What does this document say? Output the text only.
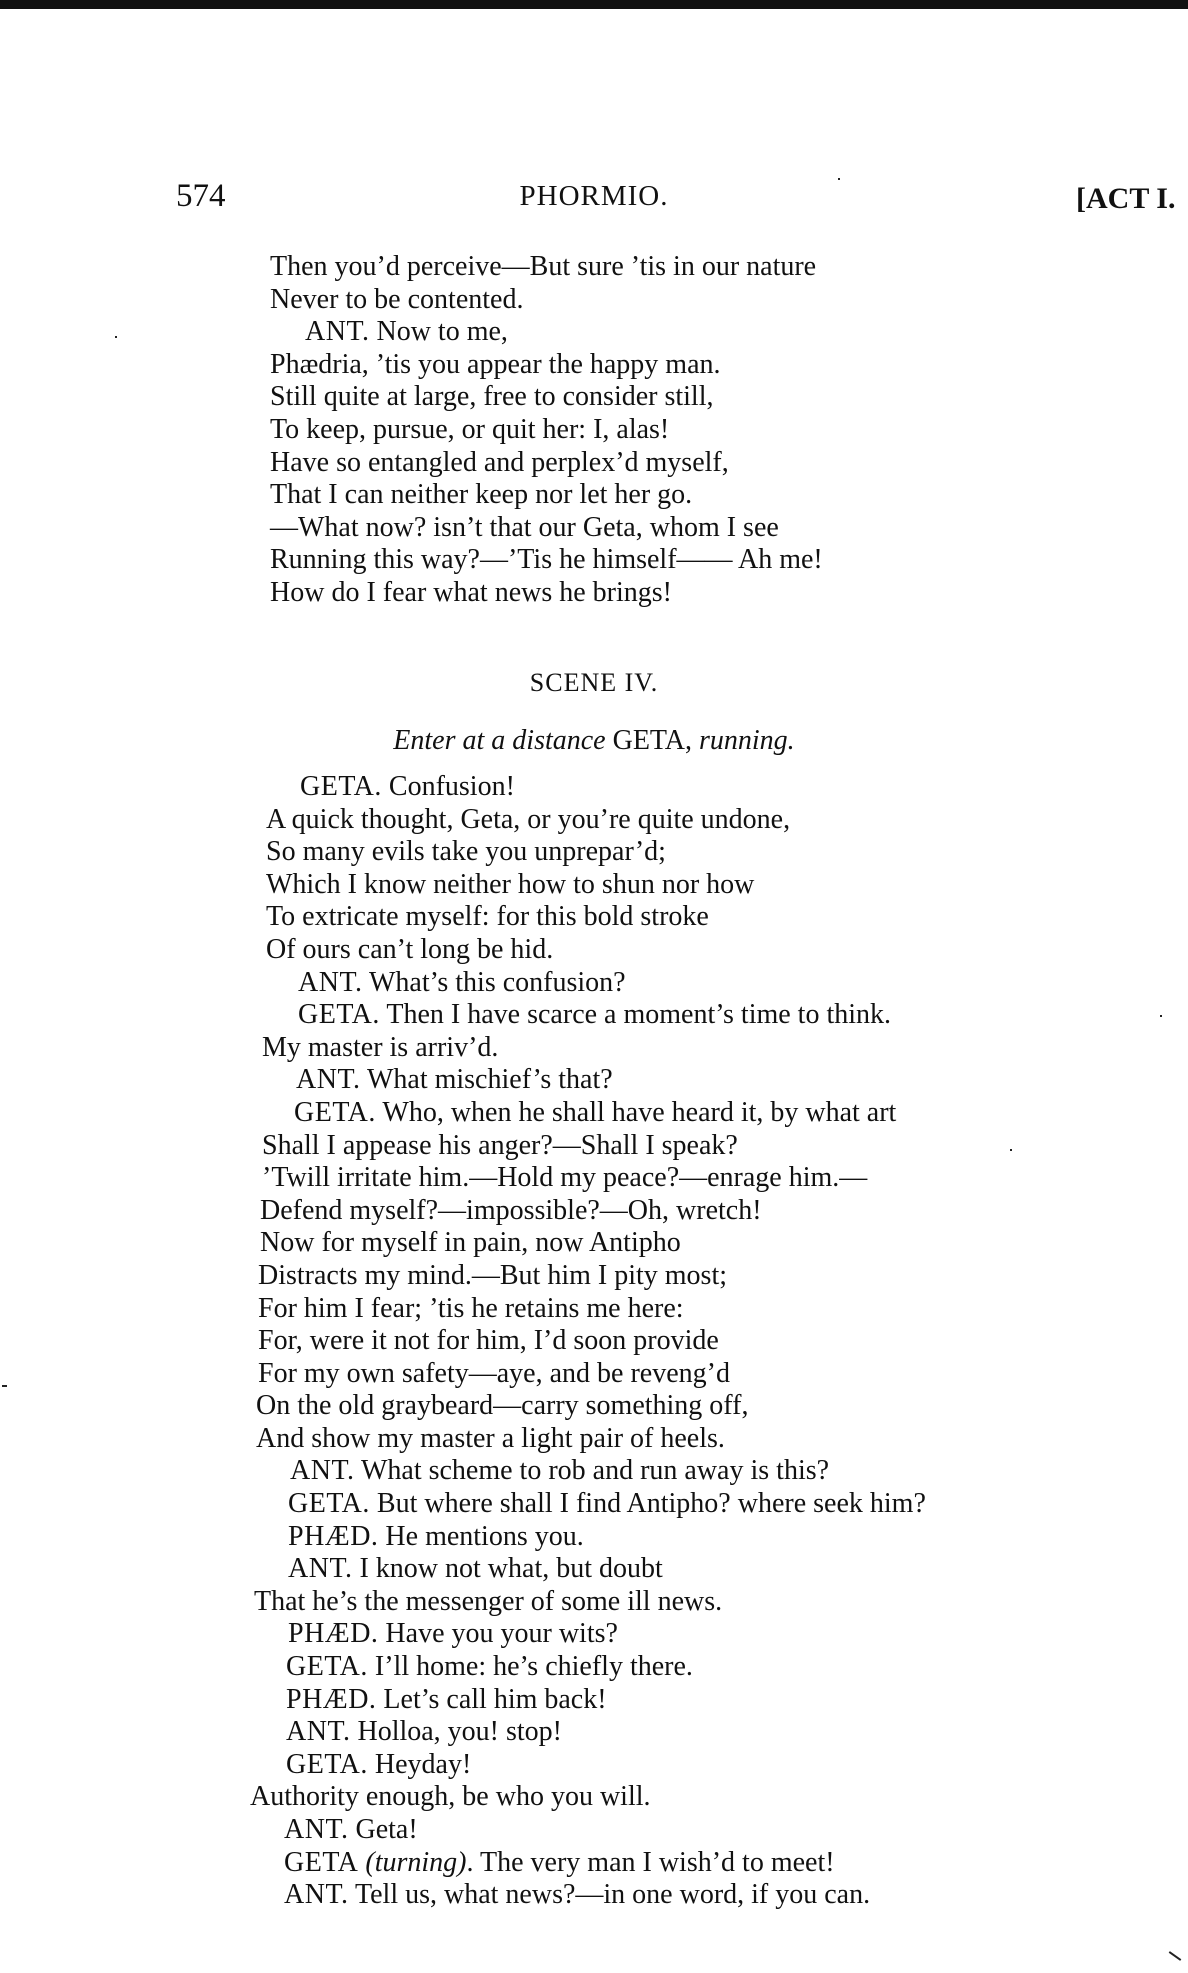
574	PHORMIO.	[ACT I.
Then you’d perceive—But sure ’tis in our nature
Never to be contented.
ANT. Now to me,
Phædria, ’tis you appear the happy man.
Still quite at large, free to consider still,
To keep, pursue, or quit her: I, alas!
Have so entangled and perplex’d myself,
That I can neither keep nor let her go.
—What now? isn’t that our Geta, whom I see
Running this way?—’Tis he himself—— Ah me!
How do I fear what news he brings!
SCENE IV.
Enter at a distance GETA, running.
GETA. Confusion!
A quick thought, Geta, or you’re quite undone,
So many evils take you unprepar’d;
Which I know neither how to shun nor how
To extricate myself: for this bold stroke
Of ours can’t long be hid.
ANT. What’s this confusion?
GETA. Then I have scarce a moment’s time to think.
My master is arriv’d.
ANT. What mischief’s that?
GETA. Who, when he shall have heard it, by what art
Shall I appease his anger?—Shall I speak?
’Twill irritate him.—Hold my peace?—enrage him.—
Defend myself?—impossible?—Oh, wretch!
Now for myself in pain, now Antipho
Distracts my mind.—But him I pity most;
For him I fear; ’tis he retains me here:
For, were it not for him, I’d soon provide
For my own safety—aye, and be reveng’d
On the old graybeard—carry something off,
And show my master a light pair of heels.
ANT. What scheme to rob and run away is this?
GETA. But where shall I find Antipho? where seek him?
PHÆD. He mentions you.
ANT. I know not what, but doubt
That he’s the messenger of some ill news.
PHÆD. Have you your wits?
GETA. I’ll home: he’s chiefly there.
PHÆD. Let’s call him back!
ANT. Holloa, you! stop!
GETA. Heyday!
Authority enough, be who you will.
ANT. Geta!
GETA (turning). The very man I wish’d to meet!
ANT. Tell us, what news?—in one word, if you can.
